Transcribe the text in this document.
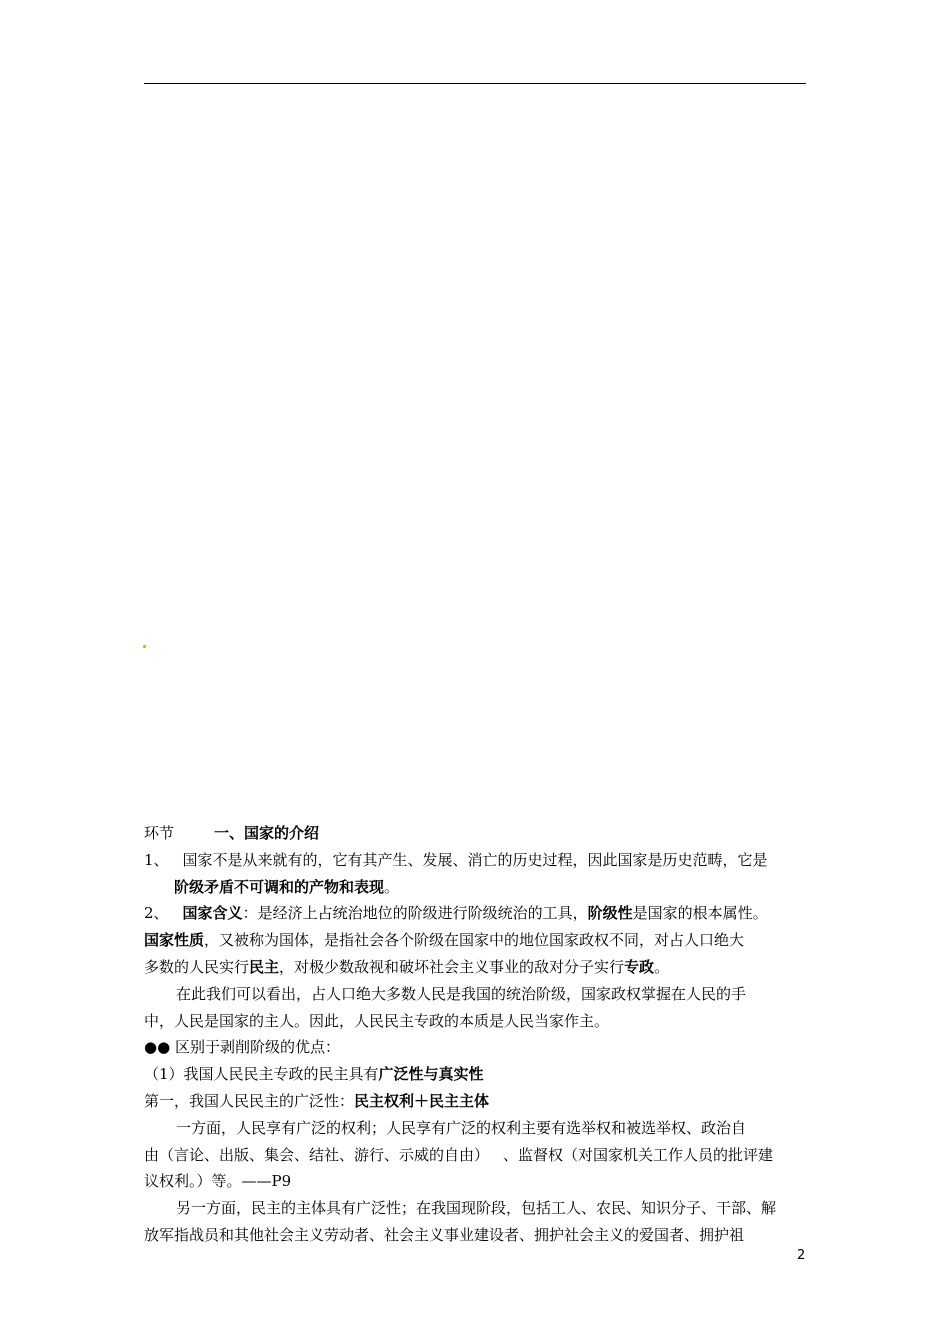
环节	一、国家的介绍
1、 国家不是从来就有的，它有其产生、发展、消亡的历史过程，因此国家是历史范畴，它是
阶级矛盾不可调和的产物和表现。
2、 国家含义：是经济上占统治地位的阶级进行阶级统治的工具，阶级性是国家的根本属性。
国家性质，又被称为国体，是指社会各个阶级在国家中的地位国家政权不同，对占人口绝大
多数的人民实行民主，对极少数敌视和破坏社会主义事业的敌对分子实行专政。
在此我们可以看出，占人口绝大多数人民是我国的统治阶级，国家政权掌握在人民的手
中，人民是国家的主人。因此，人民民主专政的本质是人民当家作主。
●● 区别于剥削阶级的优点：
（1）我国人民民主专政的民主具有广泛性与真实性
第一，我国人民民主的广泛性：民主权利＋民主主体
一方面，人民享有广泛的权利；人民享有广泛的权利主要有选举权和被选举权、政治自
由（言论、出版、集会、结社、游行、示威的自由） 、监督权（对国家机关工作人员的批评建
议权利。）等。——P9
另一方面，民主的主体具有广泛性；在我国现阶段，包括工人、农民、知识分子、干部、解
放军指战员和其他社会主义劳动者、社会主义事业建设者、拥护社会主义的爱国者、拥护祖
2
